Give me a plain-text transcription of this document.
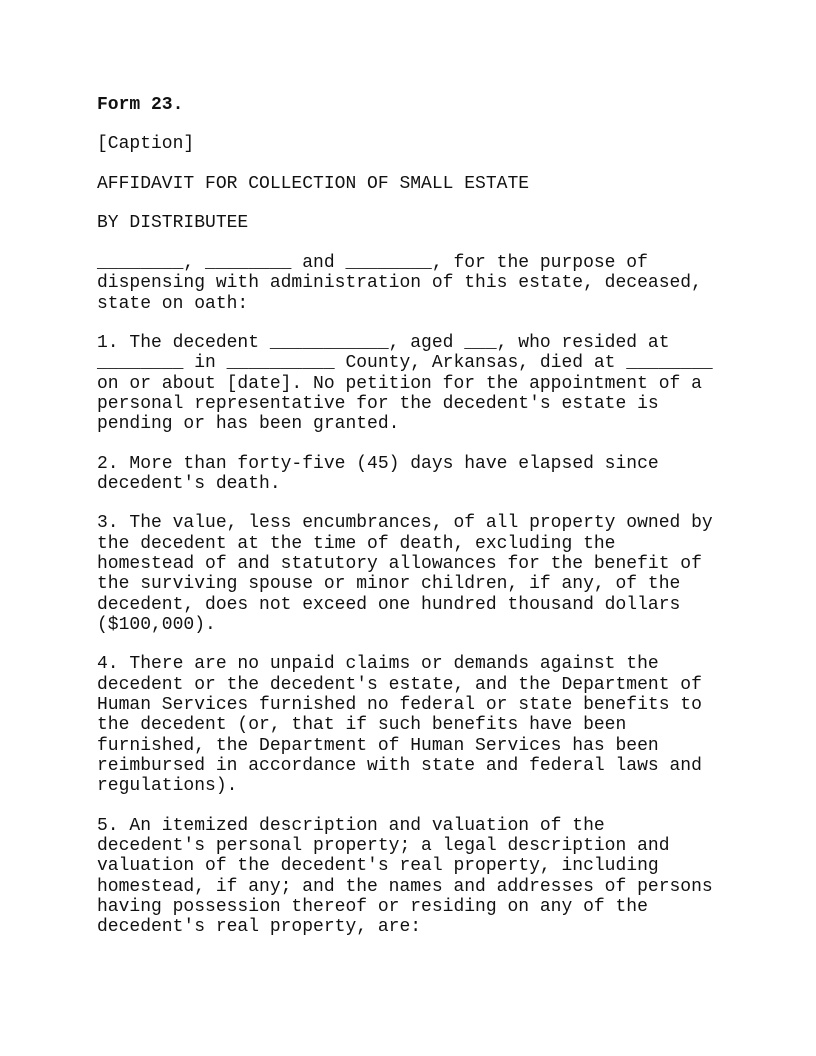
Form 23.
[Caption]
AFFIDAVIT FOR COLLECTION OF SMALL ESTATE
BY DISTRIBUTEE
________, ________ and ________, for the purpose of
dispensing with administration of this estate, deceased,
state on oath:
1. The decedent ___________, aged ___, who resided at
________ in __________ County, Arkansas, died at ________
on or about [date]. No petition for the appointment of a
personal representative for the decedent's estate is
pending or has been granted.
2. More than forty-five (45) days have elapsed since
decedent's death.
3. The value, less encumbrances, of all property owned by
the decedent at the time of death, excluding the
homestead of and statutory allowances for the benefit of
the surviving spouse or minor children, if any, of the
decedent, does not exceed one hundred thousand dollars
($100,000).
4. There are no unpaid claims or demands against the
decedent or the decedent's estate, and the Department of
Human Services furnished no federal or state benefits to
the decedent (or, that if such benefits have been
furnished, the Department of Human Services has been
reimbursed in accordance with state and federal laws and
regulations).
5. An itemized description and valuation of the
decedent's personal property; a legal description and
valuation of the decedent's real property, including
homestead, if any; and the names and addresses of persons
having possession thereof or residing on any of the
decedent's real property, are:
